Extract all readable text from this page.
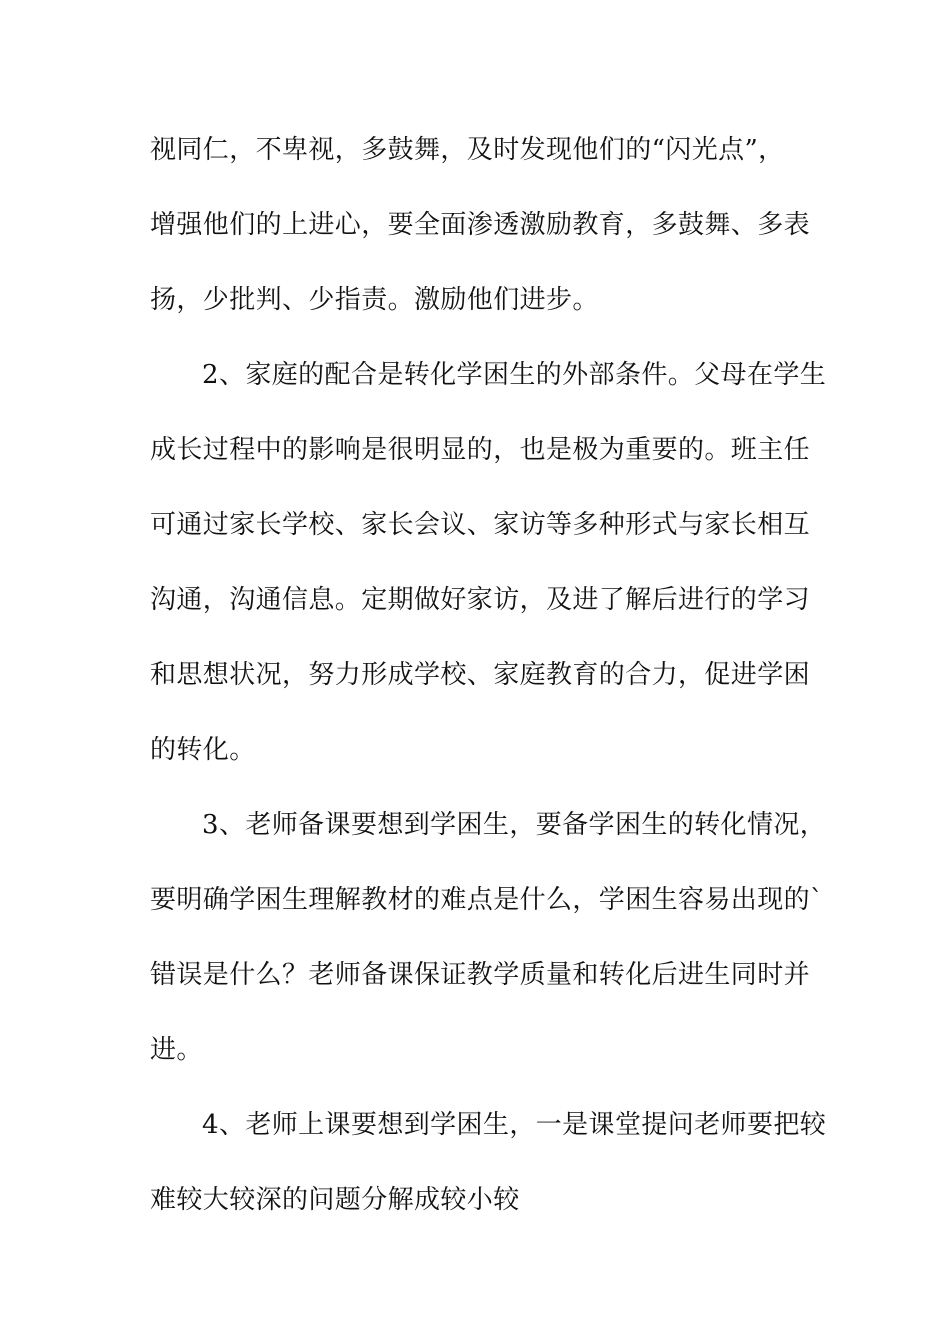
视同仁，不卑视，多鼓舞，及时发现他们的“闪光点”，
增强他们的上进心，要全面渗透激励教育，多鼓舞、多表
扬，少批判、少指责。激励他们进步。
2、家庭的配合是转化学困生的外部条件。父母在学生
成长过程中的影响是很明显的，也是极为重要的。班主任
可通过家长学校、家长会议、家访等多种形式与家长相互
沟通，沟通信息。定期做好家访，及进了解后进行的学习
和思想状况，努力形成学校、家庭教育的合力，促进学困
的转化。
3、老师备课要想到学困生，要备学困生的转化情况，
要明确学困生理解教材的难点是什么，学困生容易出现的`
错误是什么？老师备课保证教学质量和转化后进生同时并
进。
4、老师上课要想到学困生，一是课堂提问老师要把较
难较大较深的问题分解成较小较
